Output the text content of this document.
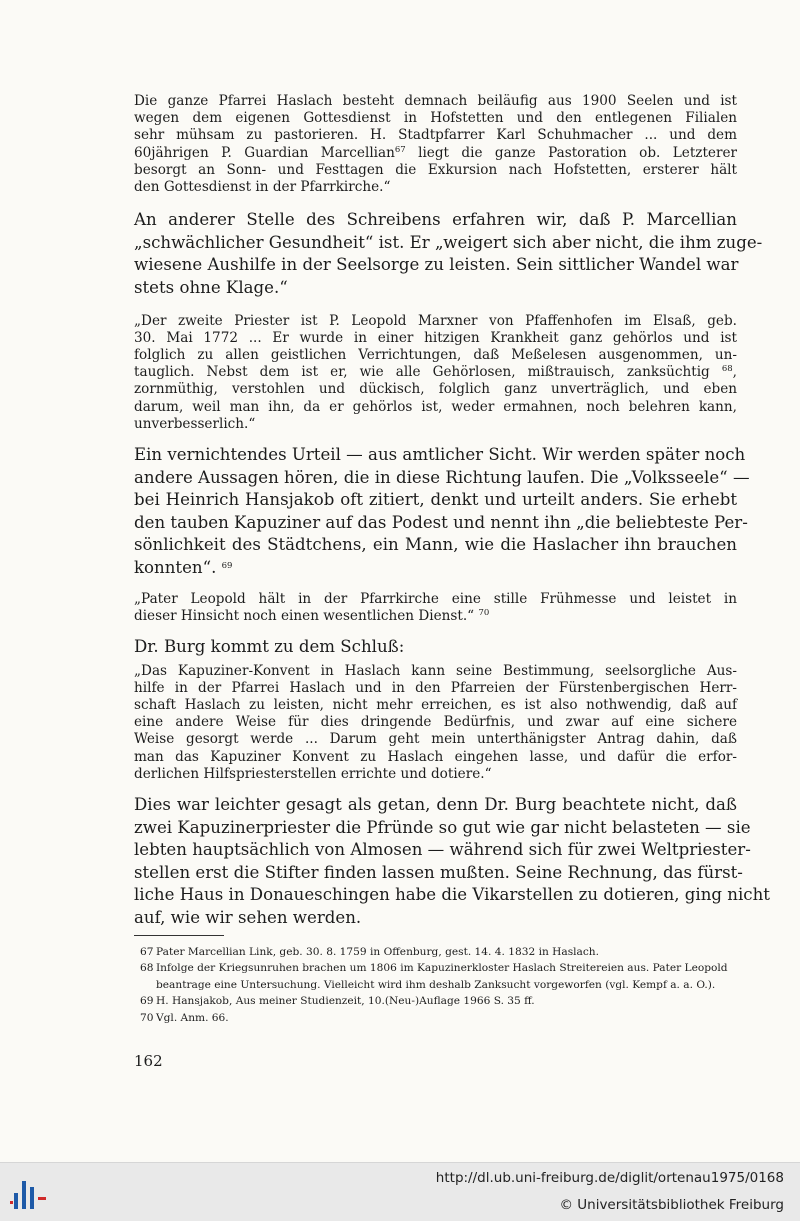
Die ganze Pfarrei Haslach besteht demnach beiläufig aus 1900 Seelen und ist
wegen dem eigenen Gottesdienst in Hofstetten und den entlegenen Filialen
sehr mühsam zu pastorieren. H. Stadtpfarrer Karl Schuhmacher ... und dem
60jährigen P. Guardian Marcellian$^{67}$ liegt die ganze Pastoration ob. Letzterer
besorgt an Sonn- und Festtagen die Exkursion nach Hofstetten, ersterer hält
den Gottesdienst in der Pfarrkirche.“
An anderer Stelle des Schreibens erfahren wir, daß P. Marcellian
„schwächlicher Gesundheit“ ist. Er „weigert sich aber nicht, die ihm zuge-
wiesene Aushilfe in der Seelsorge zu leisten. Sein sittlicher Wandel war
stets ohne Klage.“
„Der zweite Priester ist P. Leopold Marxner von Pfaffenhofen im Elsaß, geb.
30. Mai 1772 ... Er wurde in einer hitzigen Krankheit ganz gehörlos und ist
folglich zu allen geistlichen Verrichtungen, daß Meßelesen ausgenommen, un-
tauglich. Nebst dem ist er, wie alle Gehörlosen, mißtrauisch, zanksüchtig $^{68}$,
zornmüthig, verstohlen und dückisch, folglich ganz unverträglich, und eben
darum, weil man ihn, da er gehörlos ist, weder ermahnen, noch belehren kann,
unverbesserlich.“
Ein vernichtendes Urteil — aus amtlicher Sicht. Wir werden später noch
andere Aussagen hören, die in diese Richtung laufen. Die „Volksseele“ —
bei Heinrich Hansjakob oft zitiert, denkt und urteilt anders. Sie erhebt
den tauben Kapuziner auf das Podest und nennt ihn „die beliebteste Per-
sönlichkeit des Städtchens, ein Mann, wie die Haslacher ihn brauchen
konnten“. $^{69}$
„Pater Leopold hält in der Pfarrkirche eine stille Frühmesse und leistet in
dieser Hinsicht noch einen wesentlichen Dienst.“ $^{70}$

Dr. Burg kommt zu dem Schluß:

„Das Kapuziner-Konvent in Haslach kann seine Bestimmung, seelsorgliche Aus-
hilfe in der Pfarrei Haslach und in den Pfarreien der Fürstenbergischen Herr-
schaft Haslach zu leisten, nicht mehr erreichen, es ist also nothwendig, daß auf
eine andere Weise für dies dringende Bedürfnis, und zwar auf eine sichere
Weise gesorgt werde ... Darum geht mein unterthänigster Antrag dahin, daß
man das Kapuziner Konvent zu Haslach eingehen lasse, und dafür die erfor-
derlichen Hilfspriesterstellen errichte und dotiere.“
Dies war leichter gesagt als getan, denn Dr. Burg beachtete nicht, daß
zwei Kapuzinerpriester die Pfründe so gut wie gar nicht belasteten — sie
lebten hauptsächlich von Almosen — während sich für zwei Weltpriester-
stellen erst die Stifter finden lassen mußten. Seine Rechnung, das fürst-
liche Haus in Donaueschingen habe die Vikarstellen zu dotieren, ging nicht
auf, wie wir sehen werden.
67 Pater Marcellian Link, geb. 30. 8. 1759 in Offenburg, gest. 14. 4. 1832 in Haslach.
68 Infolge der Kriegsunruhen brachen um 1806 im Kapuzinerkloster Haslach Streitereien aus. Pater Leopold
beantrage eine Untersuchung. Vielleicht wird ihm deshalb Zanksucht vorgeworfen (vgl. Kempf a. a. O.).
69 H. Hansjakob, Aus meiner Studienzeit, 10.(Neu-)Auflage 1966 S. 35 ff.
70 Vgl. Anm. 66.
162
http://dl.ub.uni-freiburg.de/diglit/ortenau1975/0168
© Universitätsbibliothek Freiburg
